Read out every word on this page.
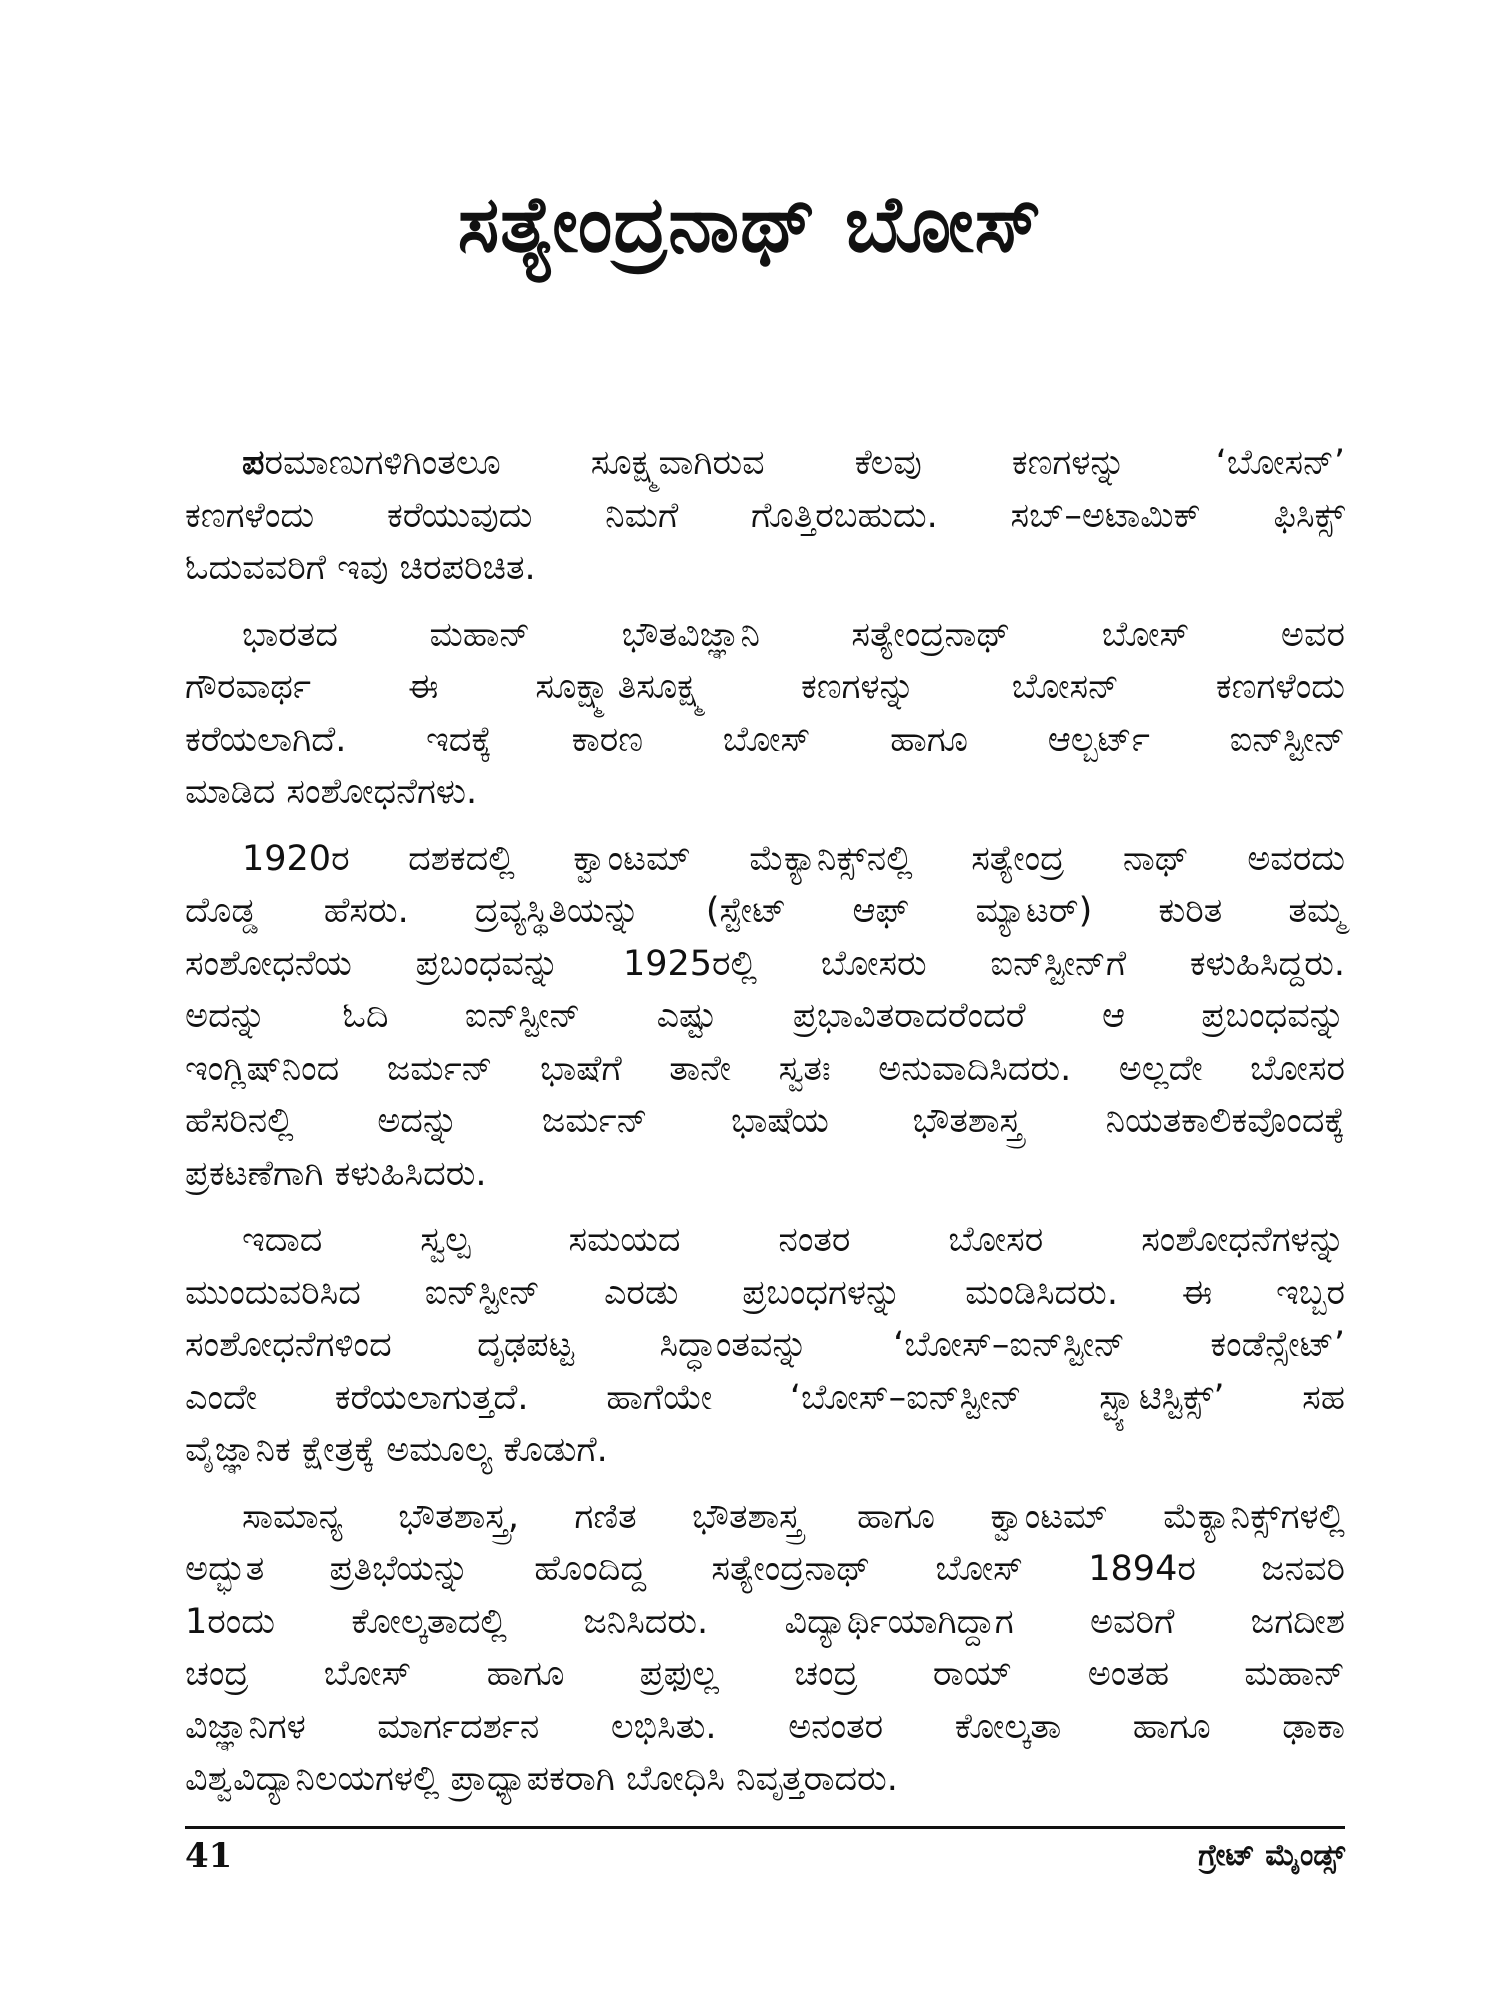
ಸತ್ಯೇಂದ್ರನಾಥ್ ಬೋಸ್
ಪರಮಾಣುಗಳಿಗಿಂತಲೂ ಸೂಕ್ಷ್ಮವಾಗಿರುವ ಕೆಲವು ಕಣಗಳನ್ನು ‘ಬೋಸನ್’
ಕಣಗಳೆಂದು ಕರೆಯುವುದು ನಿಮಗೆ ಗೊತ್ತಿರಬಹುದು. ಸಬ್–ಅಟಾಮಿಕ್ ಫಿಸಿಕ್ಸ್
ಓದುವವರಿಗೆ ಇವು ಚಿರಪರಿಚಿತ.
ಭಾರತದ ಮಹಾನ್ ಭೌತವಿಜ್ಞಾನಿ ಸತ್ಯೇಂದ್ರನಾಥ್ ಬೋಸ್ ಅವರ
ಗೌರವಾರ್ಥ ಈ ಸೂಕ್ಷ್ಮಾತಿಸೂಕ್ಷ್ಮ ಕಣಗಳನ್ನು ಬೋಸನ್ ಕಣಗಳೆಂದು
ಕರೆಯಲಾಗಿದೆ. ಇದಕ್ಕೆ ಕಾರಣ ಬೋಸ್ ಹಾಗೂ ಆಲ್ಬರ್ಟ್ ಐನ್‌ಸ್ಟೀನ್
ಮಾಡಿದ ಸಂಶೋಧನೆಗಳು.
1920ರ ದಶಕದಲ್ಲಿ ಕ್ವಾಂಟಮ್ ಮೆಕ್ಯಾನಿಕ್ಸ್‌ನಲ್ಲಿ ಸತ್ಯೇಂದ್ರ ನಾಥ್ ಅವರದು
ದೊಡ್ಡ ಹೆಸರು. ದ್ರವ್ಯಸ್ಥಿತಿಯನ್ನು (ಸ್ಟೇಟ್ ಆಫ್ ಮ್ಯಾಟರ್) ಕುರಿತ ತಮ್ಮ
ಸಂಶೋಧನೆಯ ಪ್ರಬಂಧವನ್ನು 1925ರಲ್ಲಿ ಬೋಸರು ಐನ್‌ಸ್ಟೀನ್‌ಗೆ ಕಳುಹಿಸಿದ್ದರು.
ಅದನ್ನು ಓದಿ ಐನ್‌ಸ್ಟೀನ್ ಎಷ್ಟು ಪ್ರಭಾವಿತರಾದರೆಂದರೆ ಆ ಪ್ರಬಂಧವನ್ನು
ಇಂಗ್ಲಿಷ್‌ನಿಂದ ಜರ್ಮನ್ ಭಾಷೆಗೆ ತಾನೇ ಸ್ವತಃ ಅನುವಾದಿಸಿದರು. ಅಲ್ಲದೇ ಬೋಸರ
ಹೆಸರಿನಲ್ಲಿ ಅದನ್ನು ಜರ್ಮನ್ ಭಾಷೆಯ ಭೌತಶಾಸ್ತ್ರ ನಿಯತಕಾಲಿಕವೊಂದಕ್ಕೆ
ಪ್ರಕಟಣೆಗಾಗಿ ಕಳುಹಿಸಿದರು.
ಇದಾದ ಸ್ವಲ್ಪ ಸಮಯದ ನಂತರ ಬೋಸರ ಸಂಶೋಧನೆಗಳನ್ನು
ಮುಂದುವರಿಸಿದ ಐನ್‌ಸ್ಟೀನ್ ಎರಡು ಪ್ರಬಂಧಗಳನ್ನು ಮಂಡಿಸಿದರು. ಈ ಇಬ್ಬರ
ಸಂಶೋಧನೆಗಳಿಂದ ದೃಢಪಟ್ಟ ಸಿದ್ಧಾಂತವನ್ನು ‘ಬೋಸ್–ಐನ್‌ಸ್ಟೀನ್ ಕಂಡೆನ್ಸೇಟ್’
ಎಂದೇ ಕರೆಯಲಾಗುತ್ತದೆ. ಹಾಗೆಯೇ ‘ಬೋಸ್–ಐನ್‌ಸ್ಟೀನ್ ಸ್ಟ್ಯಾಟಿಸ್ಟಿಕ್ಸ್’ ಸಹ
ವೈಜ್ಞಾನಿಕ ಕ್ಷೇತ್ರಕ್ಕೆ ಅಮೂಲ್ಯ ಕೊಡುಗೆ.
ಸಾಮಾನ್ಯ ಭೌತಶಾಸ್ತ್ರ, ಗಣಿತ ಭೌತಶಾಸ್ತ್ರ ಹಾಗೂ ಕ್ವಾಂಟಮ್ ಮೆಕ್ಯಾನಿಕ್ಸ್‌ಗಳಲ್ಲಿ
ಅದ್ಭುತ ಪ್ರತಿಭೆಯನ್ನು ಹೊಂದಿದ್ದ ಸತ್ಯೇಂದ್ರನಾಥ್ ಬೋಸ್ 1894ರ ಜನವರಿ
1ರಂದು ಕೋಲ್ಕತಾದಲ್ಲಿ ಜನಿಸಿದರು. ವಿದ್ಯಾರ್ಥಿಯಾಗಿದ್ದಾಗ ಅವರಿಗೆ ಜಗದೀಶ
ಚಂದ್ರ ಬೋಸ್ ಹಾಗೂ ಪ್ರಫುಲ್ಲ ಚಂದ್ರ ರಾಯ್ ಅಂತಹ ಮಹಾನ್
ವಿಜ್ಞಾನಿಗಳ ಮಾರ್ಗದರ್ಶನ ಲಭಿಸಿತು. ಅನಂತರ ಕೋಲ್ಕತಾ ಹಾಗೂ ಢಾಕಾ
ವಿಶ್ವವಿದ್ಯಾನಿಲಯಗಳಲ್ಲಿ ಪ್ರಾಧ್ಯಾಪಕರಾಗಿ ಬೋಧಿಸಿ ನಿವೃತ್ತರಾದರು.
41	ಗ್ರೇಟ್ ಮೈಂಡ್ಸ್
